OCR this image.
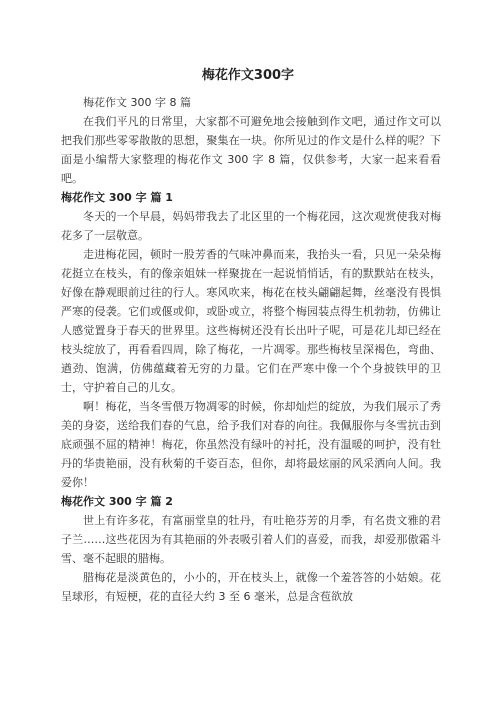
梅花作文300字

梅花作文 300 字 8 篇

在我们平凡的日常里，大家都不可避免地会接触到作文吧，通过作文可以把我们那些零零散散的思想，聚集在一块。你所见过的作文是什么样的呢？下面是小编帮大家整理的梅花作文 300 字 8 篇，仅供参考，大家一起来看看吧。

梅花作文 300 字 篇 1

冬天的一个早晨，妈妈带我去了北区里的一个梅花园，这次观赏使我对梅花多了一层敬意。

走进梅花园，顿时一股芳香的气味冲鼻而来，我抬头一看，只见一朵朵梅花挺立在枝头，有的像亲姐妹一样聚拢在一起说悄悄话，有的默默站在枝头，好像在静观眼前过往的行人。寒风吹来，梅花在枝头翩翩起舞，丝毫没有畏惧严寒的侵袭。它们或偃或仰，或卧或立，将整个梅园装点得生机勃勃，仿佛让人感觉置身于春天的世界里。这些梅树还没有长出叶子呢，可是花儿却已经在枝头绽放了，再看看四周，除了梅花，一片凋零。那些梅枝呈深褐色，弯曲、遒劲、饱满，仿佛蕴藏着无穷的力量。它们在严寒中像一个个身披铁甲的卫士，守护着自己的儿女。

啊！梅花，当冬雪偎万物凋零的时候，你却灿烂的绽放，为我们展示了秀美的身姿，送给我们春的气息，给予我们对春的向往。我佩服你与冬雪抗击到底顽强不屈的精神！梅花，你虽然没有绿叶的衬托，没有温暖的呵护，没有牡丹的华贵艳丽，没有秋菊的千姿百态，但你，却将最炫丽的风采洒向人间。我爱你！

梅花作文 300 字 篇 2

世上有许多花，有富丽堂皇的牡丹，有吐艳芬芳的月季，有名贵文雅的君子兰……这些花因为有其艳丽的外表吸引着人们的喜爱，而我，却爱那傲霜斗雪、毫不起眼的腊梅。

腊梅花是淡黄色的，小小的，开在枝头上，就像一个羞答答的小姑娘。花呈球形，有短梗，花的直径大约 3 至 6 毫米，总是含苞欲放
